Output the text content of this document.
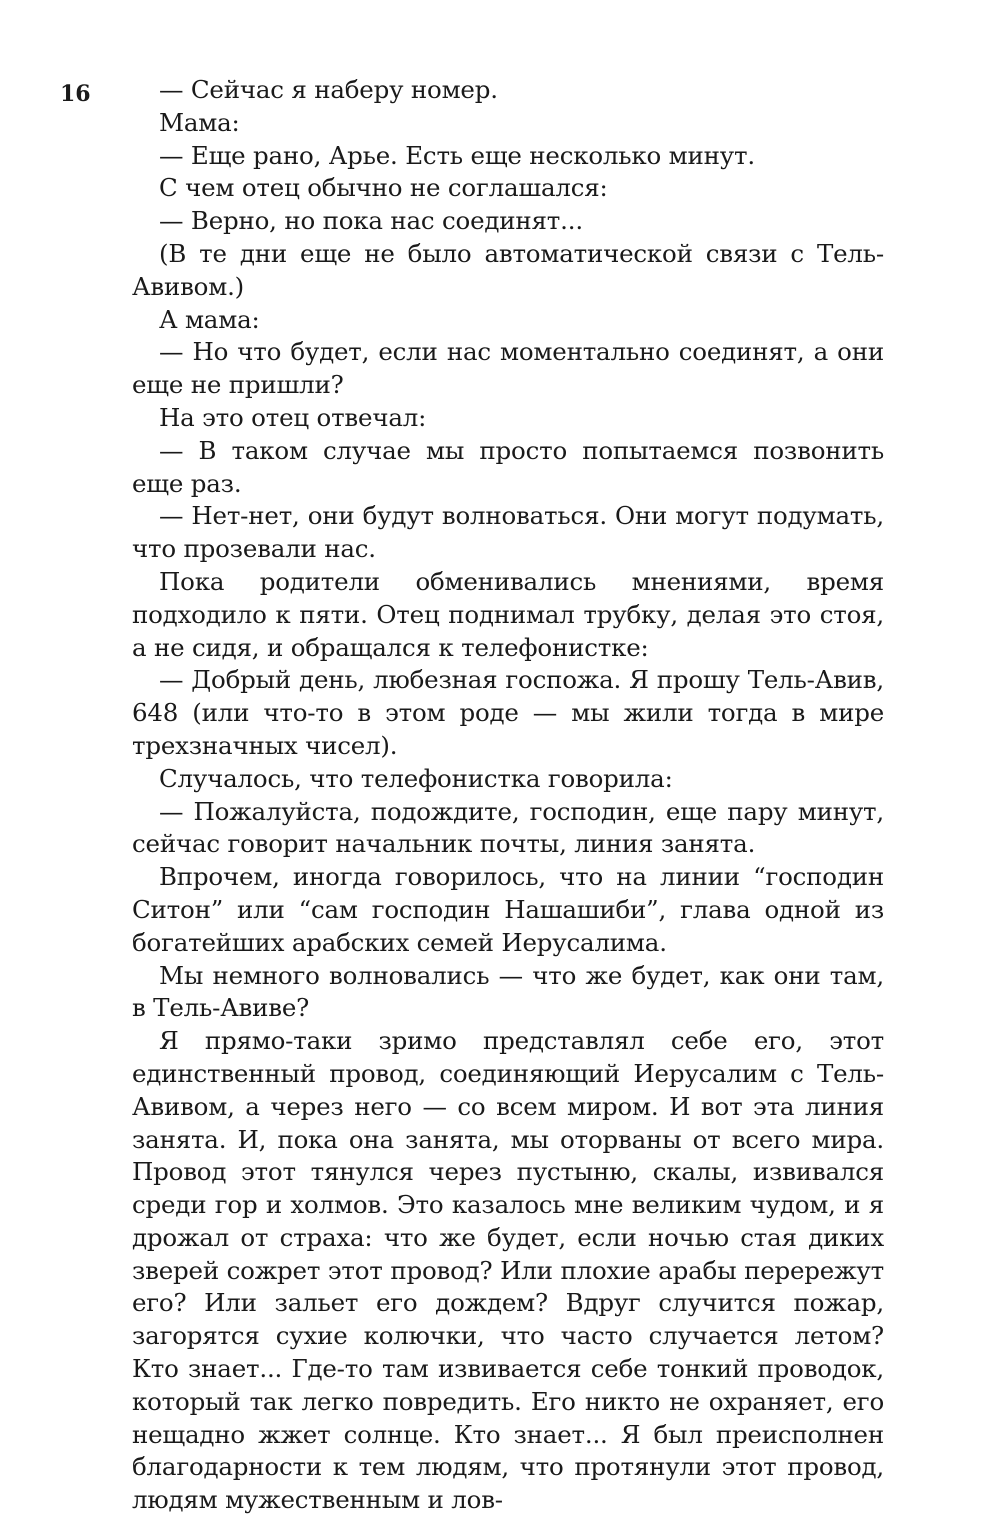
16	— Сейчас я наберу номер.

Мама:

— Еще рано, Арье. Есть еще несколько минут.

С чем отец обычно не соглашался:

— Верно, но пока нас соединят...

(В те дни еще не было автоматической связи с Тель-Авивом.)

А мама:

— Но что будет, если нас моментально соединят, а они еще не пришли?

На это отец отвечал:

— В таком случае мы просто попытаемся позвонить еще раз.

— Нет-нет, они будут волноваться. Они могут подумать, что прозевали нас.

Пока родители обменивались мнениями, время подходило к пяти. Отец поднимал трубку, делая это стоя, а не сидя, и обращался к телефонистке:

— Добрый день, любезная госпожа. Я прошу Тель-Авив, 648 (или что-то в этом роде — мы жили тогда в мире трехзначных чисел).

Случалось, что телефонистка говорила:

— Пожалуйста, подождите, господин, еще пару минут, сейчас говорит начальник почты, линия занята.

Впрочем, иногда говорилось, что на линии “господин Ситон” или “сам господин Нашашиби”, глава одной из богатейших арабских семей Иерусалима.

Мы немного волновались — что же будет, как они там, в Тель-Авиве?

Я прямо-таки зримо представлял себе его, этот единственный провод, соединяющий Иерусалим с Тель-Авивом, а через него — со всем миром. И вот эта линия занята. И, пока она занята, мы оторваны от всего мира. Провод этот тянулся через пустыню, скалы, извивался среди гор и холмов. Это казалось мне великим чудом, и я дрожал от страха: что же будет, если ночью стая диких зверей сожрет этот провод? Или плохие арабы перережут его? Или зальет его дождем? Вдруг случится пожар, загорятся сухие колючки, что часто случается летом? Кто знает... Где-то там извивается себе тонкий проводок, который так легко повредить. Его никто не охраняет, его нещадно жжет солнце. Кто знает... Я был преисполнен благодарности к тем людям, что протянули этот провод, людям мужественным и лов-
